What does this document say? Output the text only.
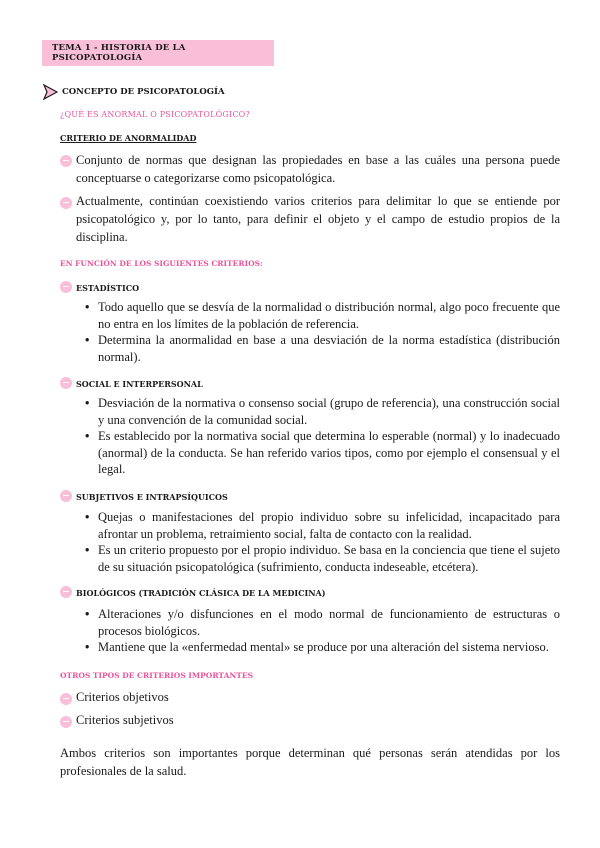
TEMA 1 - HISTORIA DE LA PSICOPATOLOGÍA
CONCEPTO DE PSICOPATOLOGÍA
¿QUÉ ES ANORMAL O PSICOPATOLÓGICO?
CRITERIO DE ANORMALIDAD
Conjunto de normas que designan las propiedades en base a las cuáles una persona puede conceptuarse o categorizarse como psicopatológica.
Actualmente, continúan coexistiendo varios criterios para delimitar lo que se entiende por psicopatológico y, por lo tanto, para definir el objeto y el campo de estudio propios de la disciplina.
EN FUNCIÓN DE LOS SIGUIENTES CRITERIOS:
ESTADÍSTICO
• Todo aquello que se desvía de la normalidad o distribución normal, algo poco frecuente que no entra en los límites de la población de referencia.
• Determina la anormalidad en base a una desviación de la norma estadística (distribución normal).
SOCIAL E INTERPERSONAL
• Desviación de la normativa o consenso social (grupo de referencia), una construcción social y una convención de la comunidad social.
• Es establecido por la normativa social que determina lo esperable (normal) y lo inadecuado (anormal) de la conducta. Se han referido varios tipos, como por ejemplo el consensual y el legal.
SUBJETIVOS E INTRAPSÍQUICOS
• Quejas o manifestaciones del propio individuo sobre su infelicidad, incapacitado para afrontar un problema, retraimiento social, falta de contacto con la realidad.
• Es un criterio propuesto por el propio individuo. Se basa en la conciencia que tiene el sujeto de su situación psicopatológica (sufrimiento, conducta indeseable, etcétera).
BIOLÓGICOS (TRADICIÓN CLÁSICA DE LA MEDICINA)
• Alteraciones y/o disfunciones en el modo normal de funcionamiento de estructuras o procesos biológicos.
• Mantiene que la «enfermedad mental» se produce por una alteración del sistema nervioso.
OTROS TIPOS DE CRITERIOS IMPORTANTES
Criterios objetivos
Criterios subjetivos
Ambos criterios son importantes porque determinan qué personas serán atendidas por los profesionales de la salud.
